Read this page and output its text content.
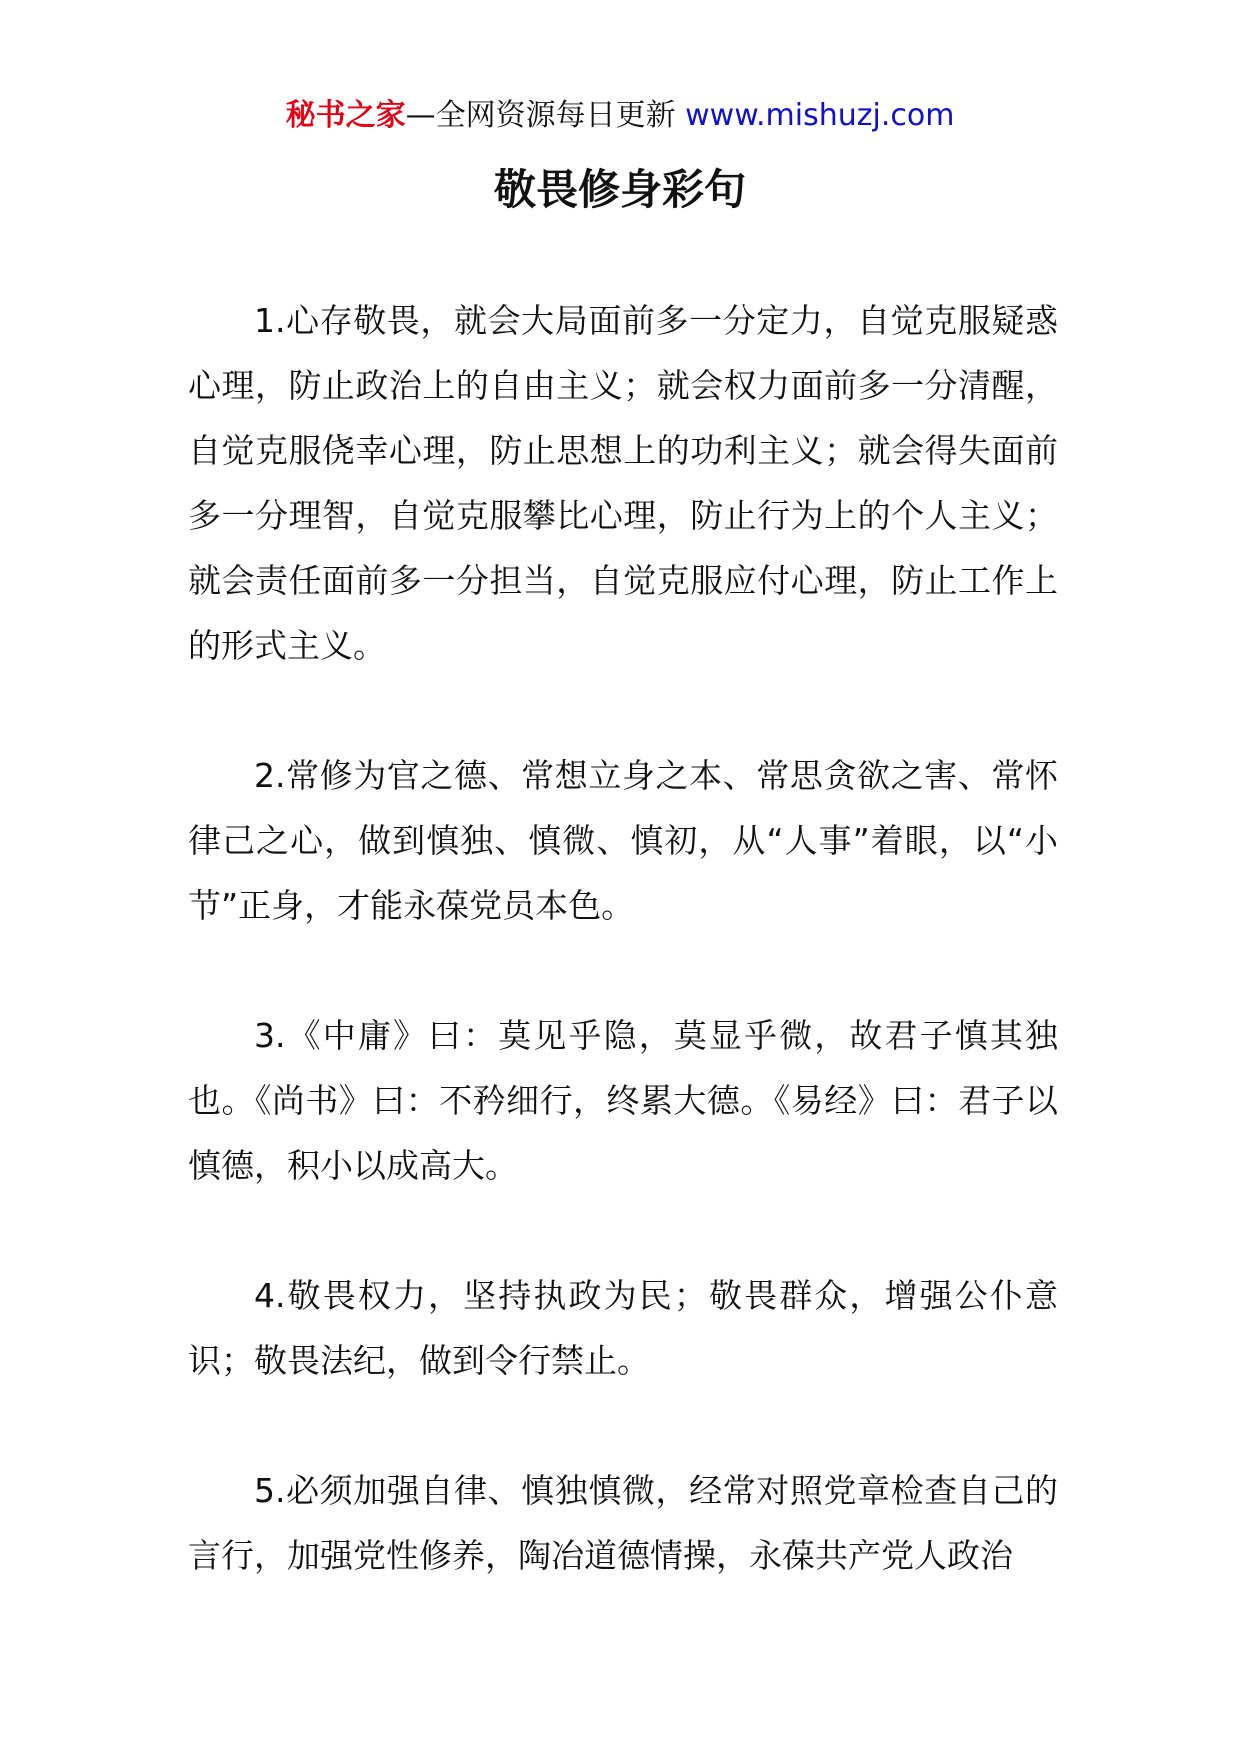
秘书之家—全网资源每日更新 www.mishuzj.com
敬畏修身彩句

1.心存敬畏，就会大局面前多一分定力，自觉克服疑惑心理，防止政治上的自由主义；就会权力面前多一分清醒，自觉克服侥幸心理，防止思想上的功利主义；就会得失面前多一分理智，自觉克服攀比心理，防止行为上的个人主义；就会责任面前多一分担当，自觉克服应付心理，防止工作上的形式主义。

2.常修为官之德、常想立身之本、常思贪欲之害、常怀律己之心，做到慎独、慎微、慎初，从“人事”着眼，以“小节”正身，才能永葆党员本色。

3.《中庸》曰：莫见乎隐，莫显乎微，故君子慎其独也。《尚书》曰：不矜细行，终累大德。《易经》曰：君子以慎德，积小以成高大。

4.敬畏权力，坚持执政为民；敬畏群众，增强公仆意识；敬畏法纪，做到令行禁止。

5.必须加强自律、慎独慎微，经常对照党章检查自己的言行，加强党性修养，陶冶道德情操，永葆共产党人政治
